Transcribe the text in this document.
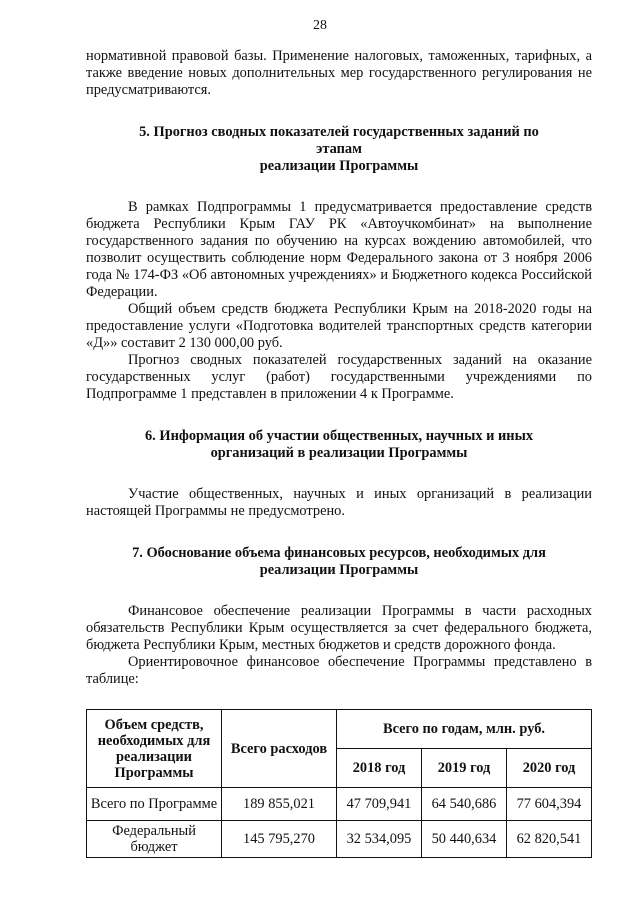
28

нормативной правовой базы. Применение налоговых, таможенных, тарифных, а также введение новых дополнительных мер государственного регулирования не предусматриваются.

5. Прогноз сводных показателей государственных заданий по этапам
реализации Программы

В рамках Подпрограммы 1 предусматривается предоставление средств бюджета Республики Крым ГАУ РК «Автоучкомбинат» на выполнение государственного задания по обучению на курсах вождению автомобилей, что позволит осуществить соблюдение норм Федерального закона от 3 ноября 2006 года № 174-ФЗ «Об автономных учреждениях» и Бюджетного кодекса Российской Федерации.

Общий объем средств бюджета Республики Крым на 2018-2020 годы на предоставление услуги «Подготовка водителей транспортных средств категории «Д»» составит 2 130 000,00 руб.

Прогноз сводных показателей государственных заданий на оказание государственных услуг (работ) государственными учреждениями по Подпрограмме 1 представлен в приложении 4 к Программе.

6. Информация об участии общественных, научных и иных
организаций в реализации Программы

Участие общественных, научных и иных организаций в реализации настоящей Программы не предусмотрено.

7. Обоснование объема финансовых ресурсов, необходимых для
реализации Программы

Финансовое обеспечение реализации Программы в части расходных обязательств Республики Крым осуществляется за счет федерального бюджета, бюджета Республики Крым, местных бюджетов и средств дорожного фонда.

Ориентировочное финансовое обеспечение Программы представлено в таблице:

Объем средств, необходимых для реализации Программы	Всего расходов	Всего по годам, млн. руб.		
		2018 год	2019 год	2020 год
Всего по Программе	189 855,021	47 709,941	64 540,686	77 604,394
Федеральный бюджет	145 795,270	32 534,095	50 440,634	62 820,541
